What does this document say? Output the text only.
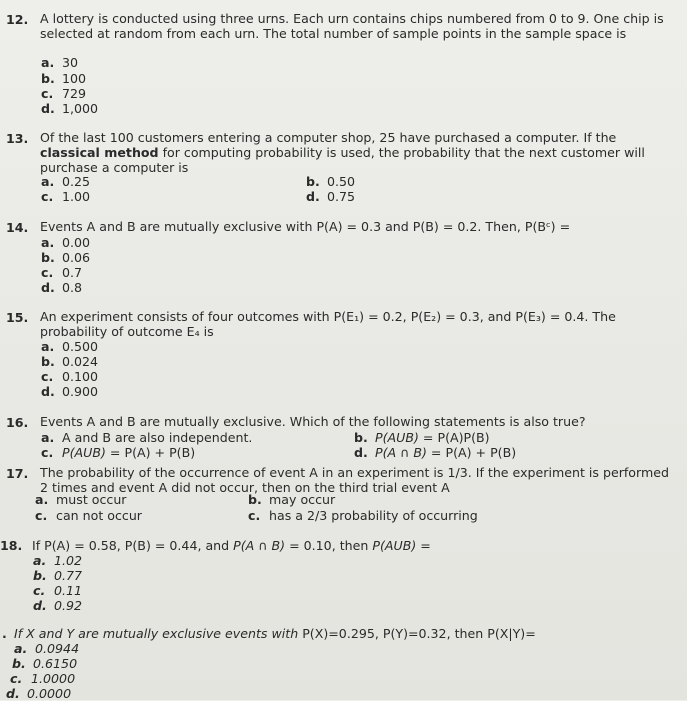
12. A lottery is conducted using three urns. Each urn contains chips numbered from 0 to 9. One chip is selected at random from each urn. The total number of sample points in the sample space is
a. 30
b. 100
c. 729
d. 1,000
13. Of the last 100 customers entering a computer shop, 25 have purchased a computer. If the classical method for computing probability is used, the probability that the next customer will purchase a computer is
a. 0.25	b. 0.50
c. 1.00	d. 0.75
14. Events A and B are mutually exclusive with P(A) = 0.3 and P(B) = 0.2. Then, P(Bᶜ) =
a. 0.00
b. 0.06
c. 0.7
d. 0.8
15. An experiment consists of four outcomes with P(E₁) = 0.2, P(E₂) = 0.3, and P(E₃) = 0.4. The probability of outcome E₄ is
a. 0.500
b. 0.024
c. 0.100
d. 0.900
16. Events A and B are mutually exclusive. Which of the following statements is also true?
a. A and B are also independent.	b. P(AUB) = P(A)P(B)
c. P(AUB) = P(A) + P(B)	d. P(A ∩ B) = P(A) + P(B)
17. The probability of the occurrence of event A in an experiment is 1/3. If the experiment is performed 2 times and event A did not occur, then on the third trial event A
a. must occur	b. may occur
c. can not occur	c. has a 2/3 probability of occurring
18. If P(A) = 0.58, P(B) = 0.44, and P(A ∩ B) = 0.10, then P(AUB) =
a. 1.02
b. 0.77
c. 0.11
d. 0.92
. If X and Y are mutually exclusive events with P(X)=0.295, P(Y)=0.32, then P(X|Y)=
a. 0.0944
b. 0.6150
c. 1.0000
d. 0.0000
